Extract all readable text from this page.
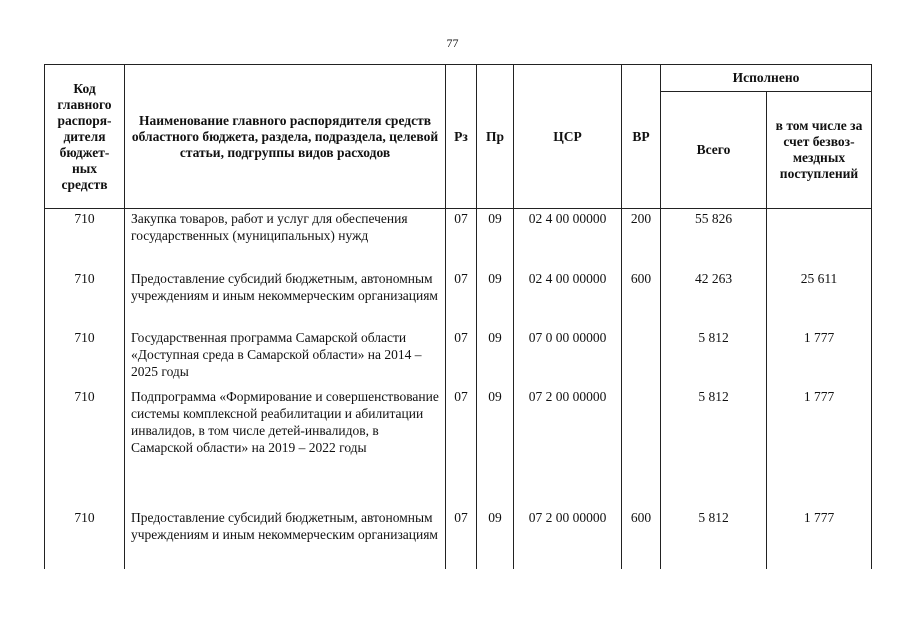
77
Код главного распоря-дителя бюджет-ных средств	Наименование главного распорядителя средств областного бюджета, раздела, подраздела, целевой статьи, подгруппы видов расходов	Рз	Пр	ЦСР	ВР	Исполнено	
						Всего	в том числе за счет безвоз-мездных поступлений
710	Закупка товаров, работ и услуг для обеспечения государственных (муниципальных) нужд	07	09	02 4 00 00000	200	55 826	
710	Предоставление субсидий бюджетным, автономным учреждениям и иным некоммерческим организациям	07	09	02 4 00 00000	600	42 263	25 611
710	Государственная программа Самарской области «Доступная среда в Самарской области» на 2014 – 2025 годы	07	09	07 0 00 00000		5 812	1 777
710	Подпрограмма «Формирование и совершенствование системы комплексной реабилитации и абилитации инвалидов, в том числе детей-инвалидов, в Самарской области» на 2019 – 2022 годы	07	09	07 2 00 00000		5 812	1 777
710	Предоставление субсидий бюджетным, автономным учреждениям и иным некоммерческим организациям	07	09	07 2 00 00000	600	5 812	1 777
